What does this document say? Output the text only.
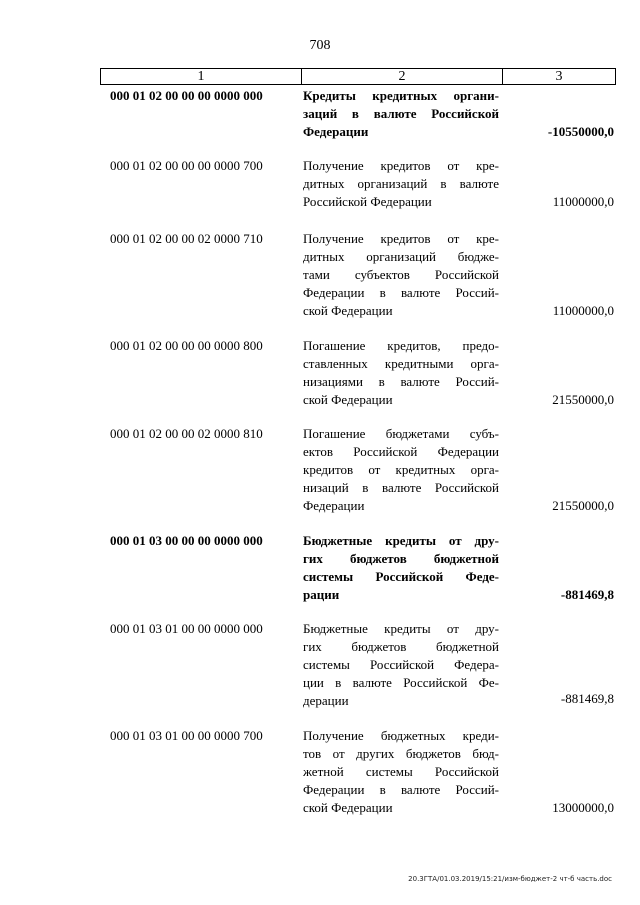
708
1	2	3
000 01 02 00 00 00 0000 000	Кредиты кредитных органи-
заций в валюте Российской
Федерации	-10550000,0
000 01 02 00 00 00 0000 700	Получение кредитов от кре-
дитных организаций в валюте
Российской Федерации	11000000,0
000 01 02 00 00 02 0000 710	Получение кредитов от кре-
дитных организаций бюдже-
тами субъектов Российской
Федерации в валюте Россий-
ской Федерации	11000000,0
000 01 02 00 00 00 0000 800	Погашение кредитов, предо-
ставленных кредитными орга-
низациями в валюте Россий-
ской Федерации	21550000,0
000 01 02 00 00 02 0000 810	Погашение бюджетами субъ-
ектов Российской Федерации
кредитов от кредитных орга-
низаций в валюте Российской
Федерации	21550000,0
000 01 03 00 00 00 0000 000	Бюджетные кредиты от дру-
гих бюджетов бюджетной
системы Российской Феде-
рации	-881469,8
000 01 03 01 00 00 0000 000	Бюджетные кредиты от дру-
гих бюджетов бюджетной
системы Российской Федера-
ции в валюте Российской Фе-
дерации	-881469,8
000 01 03 01 00 00 0000 700	Получение бюджетных креди-
тов от других бюджетов бюд-
жетной системы Российской
Федерации в валюте Россий-
ской Федерации	13000000,0
20.3ГТА/01.03.2019/15:21/изм-бюджет-2 чт-б часть.doc
